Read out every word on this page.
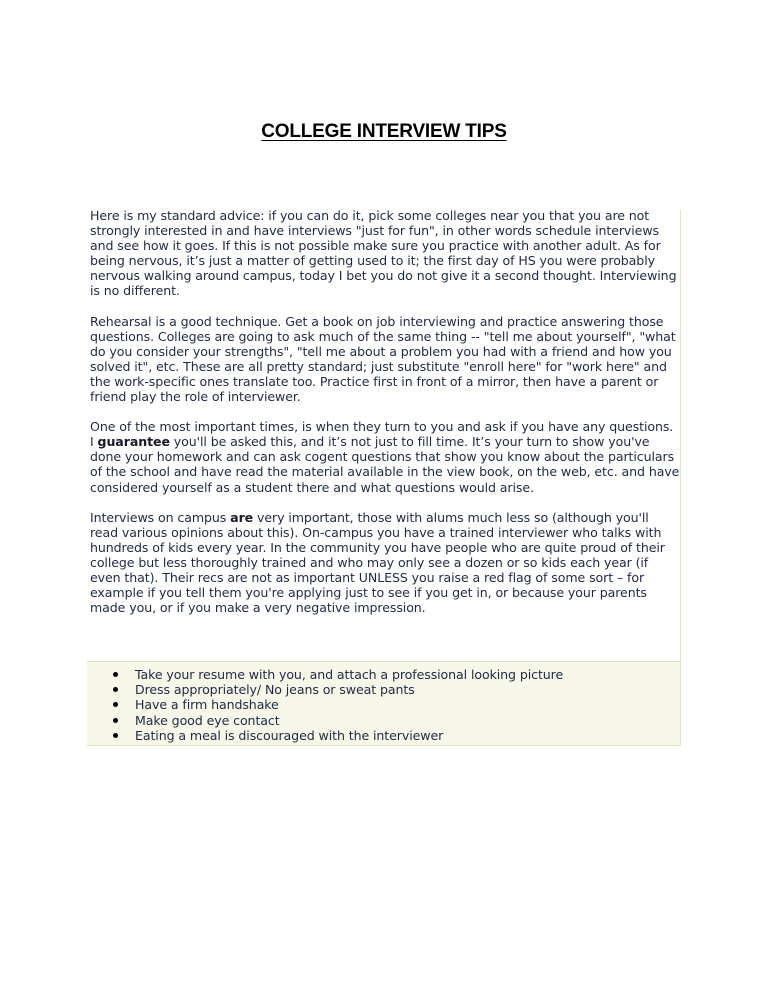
COLLEGE INTERVIEW TIPS

Here is my standard advice: if you can do it, pick some colleges near you that you are not strongly interested in and have interviews "just for fun", in other words schedule interviews and see how it goes. If this is not possible make sure you practice with another adult. As for being nervous, it’s just a matter of getting used to it; the first day of HS you were probably nervous walking around campus, today I bet you do not give it a second thought. Interviewing is no different.

Rehearsal is a good technique. Get a book on job interviewing and practice answering those questions. Colleges are going to ask much of the same thing -- "tell me about yourself", "what do you consider your strengths", "tell me about a problem you had with a friend and how you solved it", etc. These are all pretty standard; just substitute "enroll here" for "work here" and the work-specific ones translate too. Practice first in front of a mirror, then have a parent or friend play the role of interviewer.

One of the most important times, is when they turn to you and ask if you have any questions. I guarantee you'll be asked this, and it’s not just to fill time. It’s your turn to show you've done your homework and can ask cogent questions that show you know about the particulars of the school and have read the material available in the view book, on the web, etc. and have considered yourself as a student there and what questions would arise.

Interviews on campus are very important, those with alums much less so (although you'll read various opinions about this). On-campus you have a trained interviewer who talks with hundreds of kids every year. In the community you have people who are quite proud of their college but less thoroughly trained and who may only see a dozen or so kids each year (if even that). Their recs are not as important UNLESS you raise a red flag of some sort – for example if you tell them you're applying just to see if you get in, or because your parents made you, or if you make a very negative impression.

Take your resume with you, and attach a professional looking picture
Dress appropriately/ No jeans or sweat pants
Have a firm handshake
Make good eye contact
Eating a meal is discouraged with the interviewer
